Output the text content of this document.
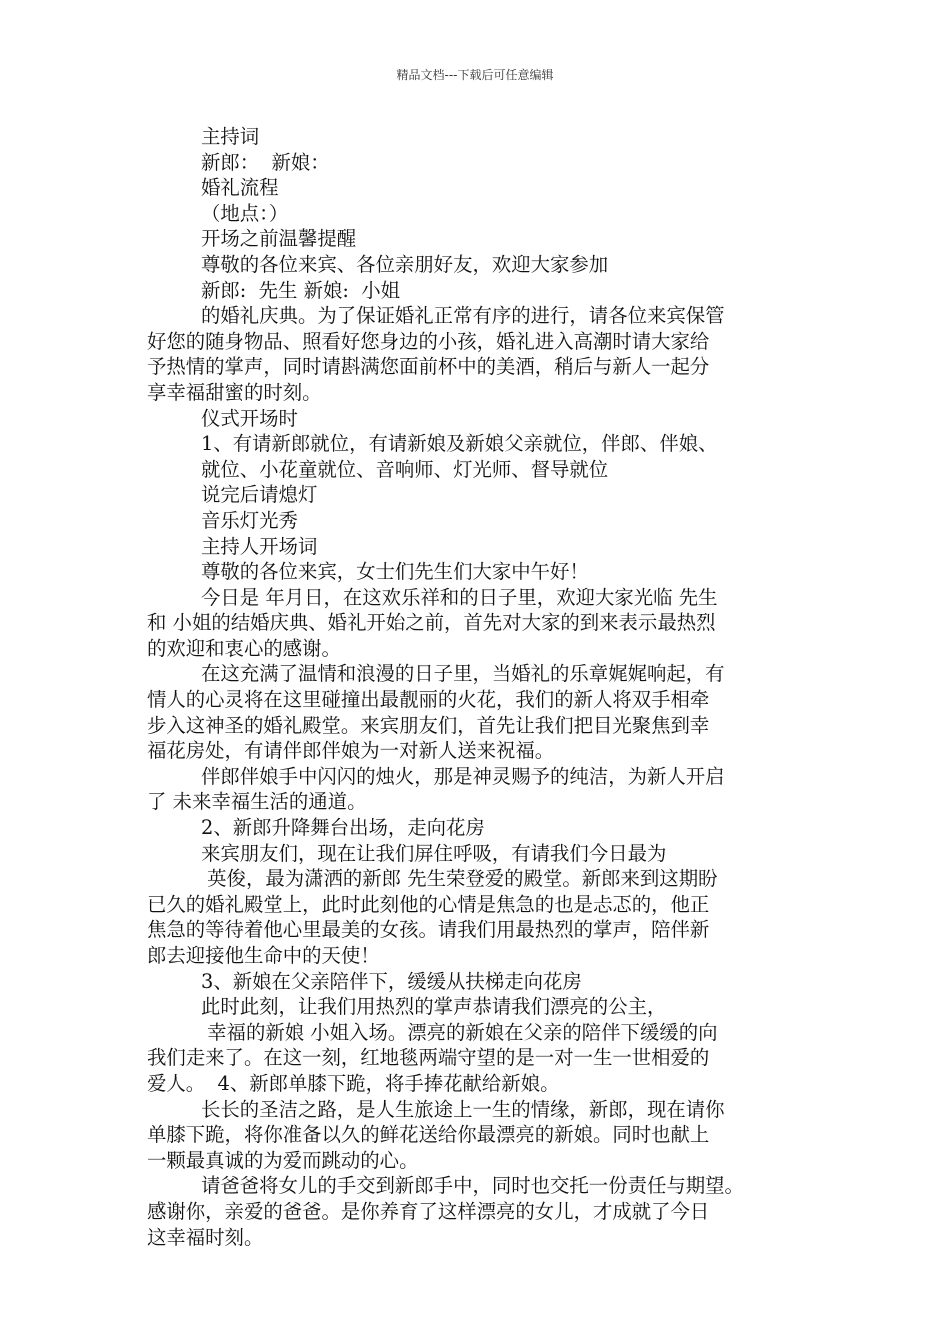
精品文档---下载后可任意编辑
主持词
新郎：  新娘：
婚礼流程
（地点：）
开场之前温馨提醒
尊敬的各位来宾、各位亲朋好友，欢迎大家参加
新郎:  先生 新娘:  小姐
的婚礼庆典。为了保证婚礼正常有序的进行，请各位来宾保管
好您的随身物品、照看好您身边的小孩，婚礼进入高潮时请大家给
予热情的掌声，同时请斟满您面前杯中的美酒，稍后与新人一起分
享幸福甜蜜的时刻。
仪式开场时
1、有请新郎就位，有请新娘及新娘父亲就位，伴郎、伴娘、
就位、小花童就位、音响师、灯光师、督导就位
说完后请熄灯
音乐灯光秀
主持人开场词
尊敬的各位来宾，女士们先生们大家中午好！
今日是 年月日，在这欢乐祥和的日子里，欢迎大家光临 先生
和 小姐的结婚庆典、婚礼开始之前，首先对大家的到来表示最热烈
的欢迎和衷心的感谢。
在这充满了温情和浪漫的日子里，当婚礼的乐章娓娓响起，有
情人的心灵将在这里碰撞出最靓丽的火花，我们的新人将双手相牵
步入这神圣的婚礼殿堂。来宾朋友们，首先让我们把目光聚焦到幸
福花房处，有请伴郎伴娘为一对新人送来祝福。
伴郎伴娘手中闪闪的烛火，那是神灵赐予的纯洁，为新人开启
了 未来幸福生活的通道。
2、新郎升降舞台出场，走向花房
来宾朋友们，现在让我们屏住呼吸，有请我们今日最为
英俊，最为潇洒的新郎 先生荣登爱的殿堂。新郎来到这期盼
已久的婚礼殿堂上，此时此刻他的心情是焦急的也是忐忑的，他正
焦急的等待着他心里最美的女孩。请我们用最热烈的掌声，陪伴新
郎去迎接他生命中的天使！
3、新娘在父亲陪伴下，缓缓从扶梯走向花房
此时此刻，让我们用热烈的掌声恭请我们漂亮的公主，
幸福的新娘 小姐入场。漂亮的新娘在父亲的陪伴下缓缓的向
我们走来了。在这一刻，红地毯两端守望的是一对一生一世相爱的
爱人。  4、新郎单膝下跪，将手捧花献给新娘。
长长的圣洁之路，是人生旅途上一生的情缘，新郎，现在请你
单膝下跪，将你准备以久的鲜花送给你最漂亮的新娘。同时也献上
一颗最真诚的为爱而跳动的心。
请爸爸将女儿的手交到新郎手中，同时也交托一份责任与期望。
感谢你，亲爱的爸爸。是你养育了这样漂亮的女儿，才成就了今日
这幸福时刻。
